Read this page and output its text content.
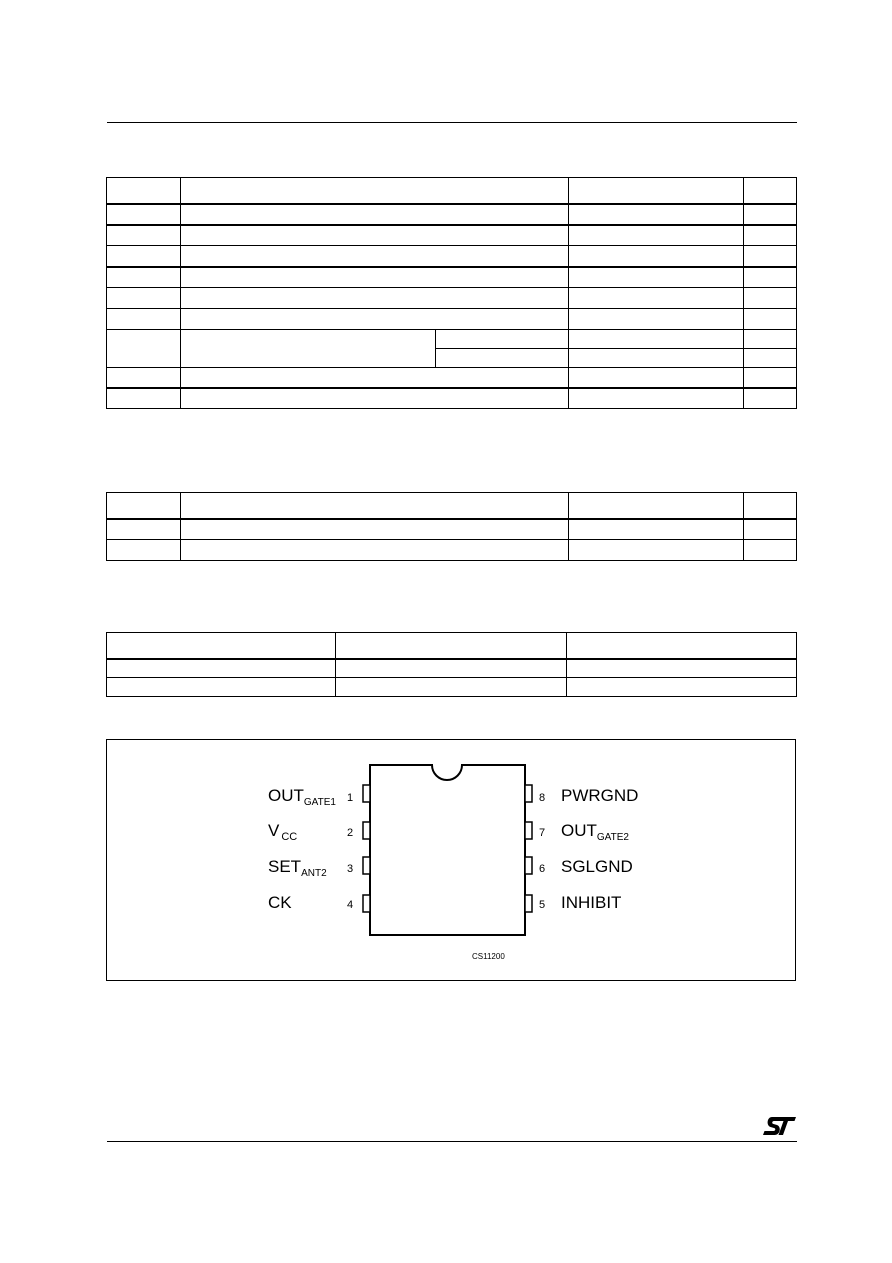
1
2
3
4
8
7
6
5
$OUT_{GATE1}$
V $_{CC}$
$SET_{ANT2}$
CK
PWRGND
$OUT_{GATE2}$
SGLGND
INHIBIT
CS11200
